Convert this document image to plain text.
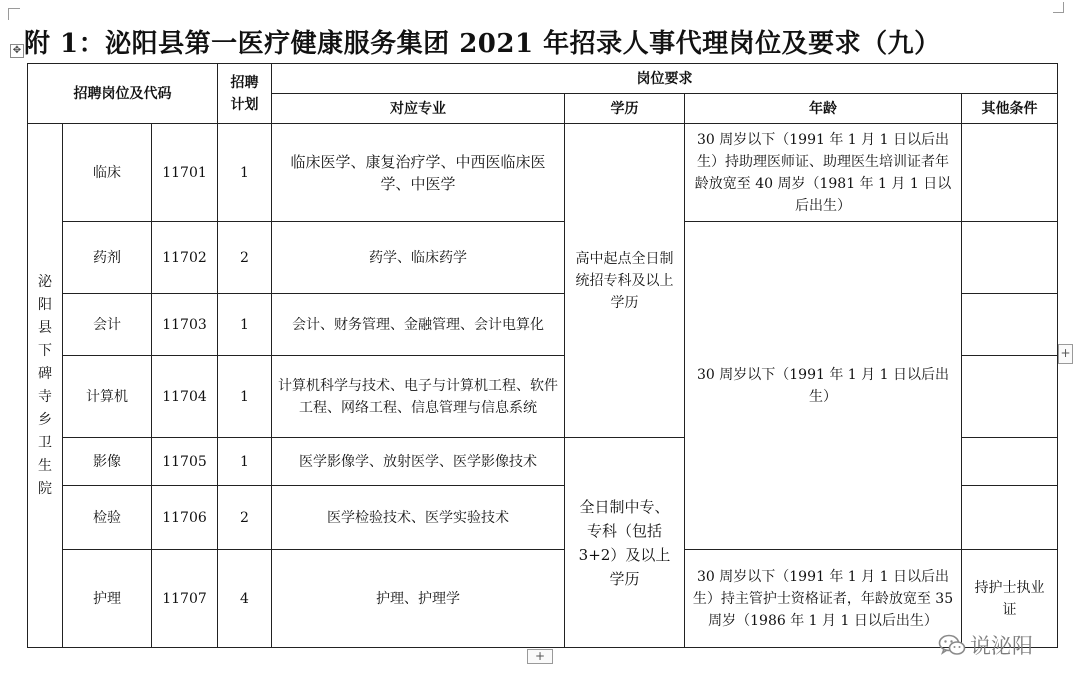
✥ 附 1：泌阳县第一医疗健康服务集团 2021 年招录人事代理岗位及要求（九）
招聘岗位及代码			招聘计划	岗位要求			
				对应专业	学历	年龄	其他条件

泌阳县下碑寺乡卫生院	临床	11701	1	临床医学、康复治疗学、中西医临床医学、中医学	高中起点全日制统招专科及以上学历	30 周岁以下（1991 年 1 月 1 日以后出生）持助理医师证、助理医生培训证者年龄放宽至 40 周岁（1981 年 1 月 1 日以后出生）	
	药剂	11702	2	药学、临床药学		30 周岁以下（1991 年 1 月 1 日以后出生）	
	会计	11703	1	会计、财务管理、金融管理、会计电算化			
	计算机	11704	1	计算机科学与技术、电子与计算机工程、软件工程、网络工程、信息管理与信息系统			
	影像	11705	1	医学影像学、放射医学、医学影像技术	全日制中专、专科（包括3+2）及以上学历		
	检验	11706	2	医学检验技术、医学实验技术			
	护理	11707	4	护理、护理学		30 周岁以下（1991 年 1 月 1 日以后出生）持主管护士资格证者，年龄放宽至 35 周岁（1986 年 1 月 1 日以后出生）	持护士执业证
+
+	说泌阳
